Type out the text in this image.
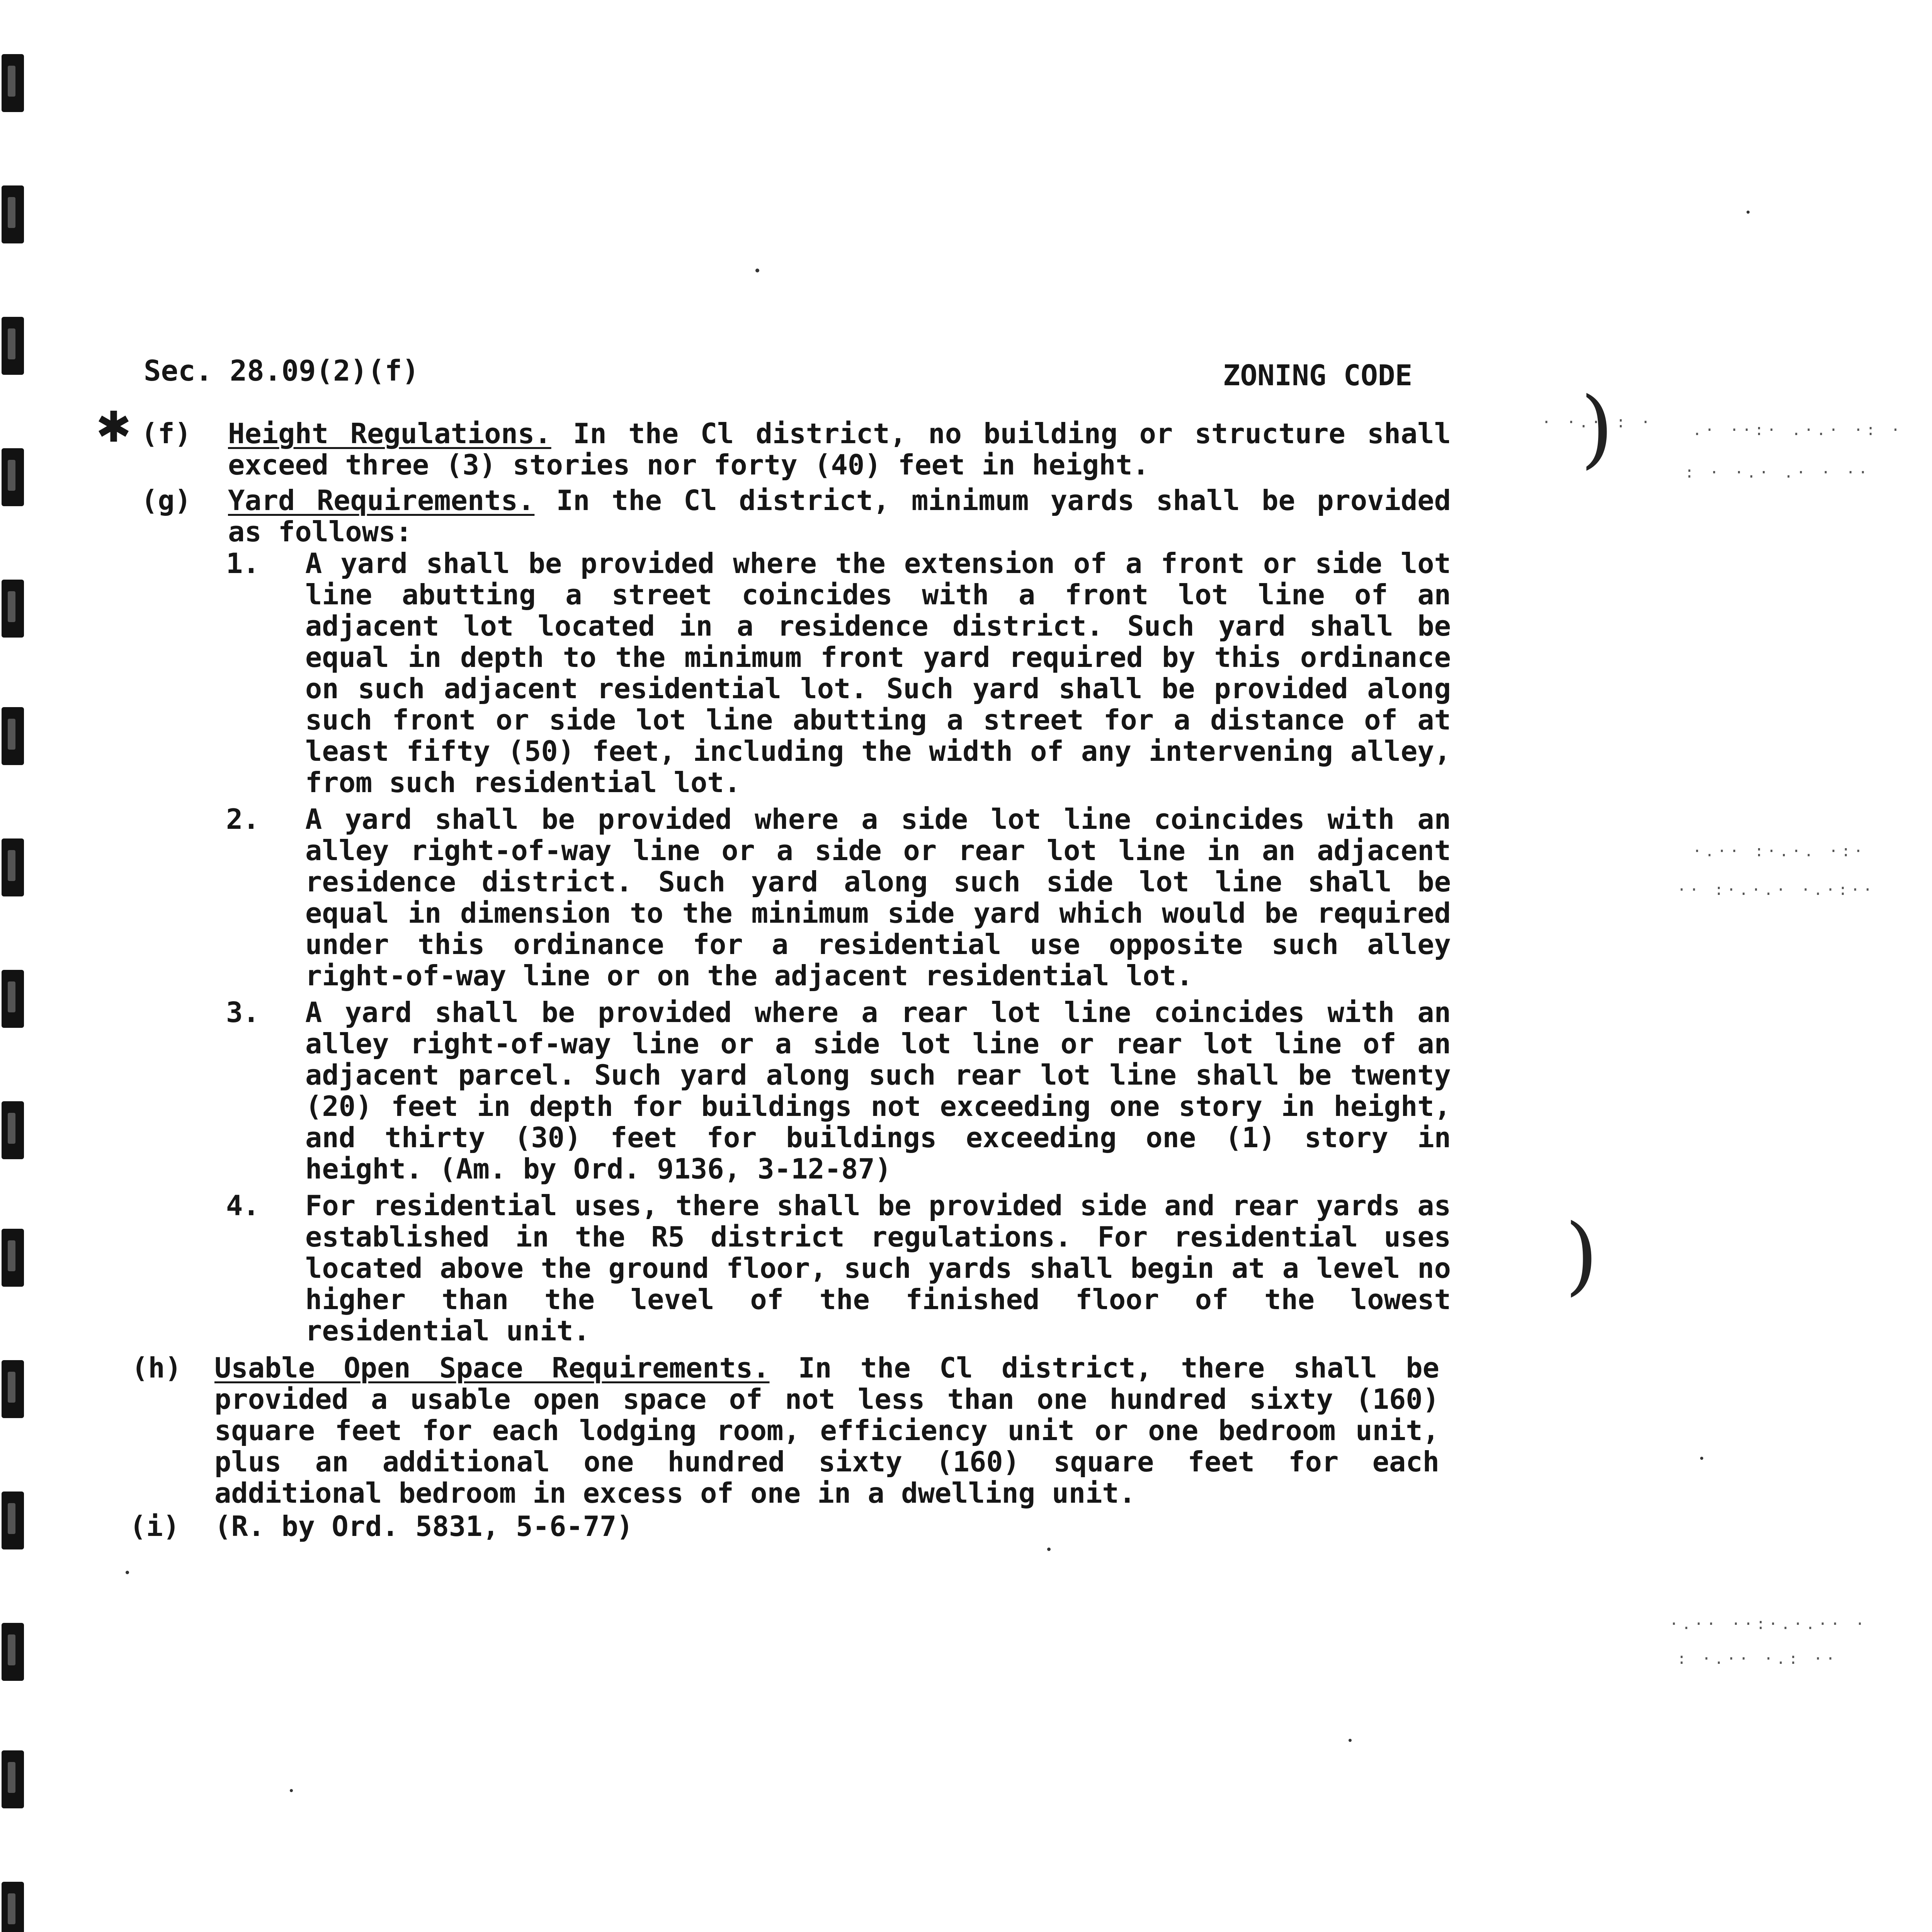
Sec. 28.09(2)(f)	ZONING CODE
✱ (f) Height Regulations. In the Cl district, no building or structure shall
exceed three (3) stories nor forty (40) feet in height.
(g) Yard Requirements. In the Cl district, minimum yards shall be provided
as follows:
1. A yard shall be provided where the extension of a front or side lot
line abutting a street coincides with a front lot line of an
adjacent lot located in a residence district. Such yard shall be
equal in depth to the minimum front yard required by this ordinance
on such adjacent residential lot. Such yard shall be provided along
such front or side lot line abutting a street for a distance of at
least fifty (50) feet, including the width of any intervening alley,
from such residential lot.
2. A yard shall be provided where a side lot line coincides with an
alley right-of-way line or a side or rear lot line in an adjacent
residence district. Such yard along such side lot line shall be
equal in dimension to the minimum side yard which would be required
under this ordinance for a residential use opposite such alley
right-of-way line or on the adjacent residential lot.
3. A yard shall be provided where a rear lot line coincides with an
alley right-of-way line or a side lot line or rear lot line of an
adjacent parcel. Such yard along such rear lot line shall be twenty
(20) feet in depth for buildings not exceeding one story in height,
and thirty (30) feet for buildings exceeding one (1) story in
height. (Am. by Ord. 9136, 3-12-87)
4. For residential uses, there shall be provided side and rear yards as
established in the R5 district regulations. For residential uses
located above the ground floor, such yards shall begin at a level no
higher than the level of the finished floor of the lowest
residential unit.
(h) Usable Open Space Requirements. In the Cl district, there shall be
provided a usable open space of not less than one hundred sixty (160)
square feet for each lodging room, efficiency unit or one bedroom unit,
plus an additional one hundred sixty (160) square feet for each
additional bedroom in excess of one in a dwelling unit.
(i) (R. by Ord. 5831, 5-6-77)
)
)
· ·.· : ·	.· ··:· .·.· ·: ·
: · ·.· .· · ··
·.·· :·.·. ·:·
·· :·.·.· ·.·:··
·.·· ··:·.·.·· ·
: ·.·· ·.: ··
